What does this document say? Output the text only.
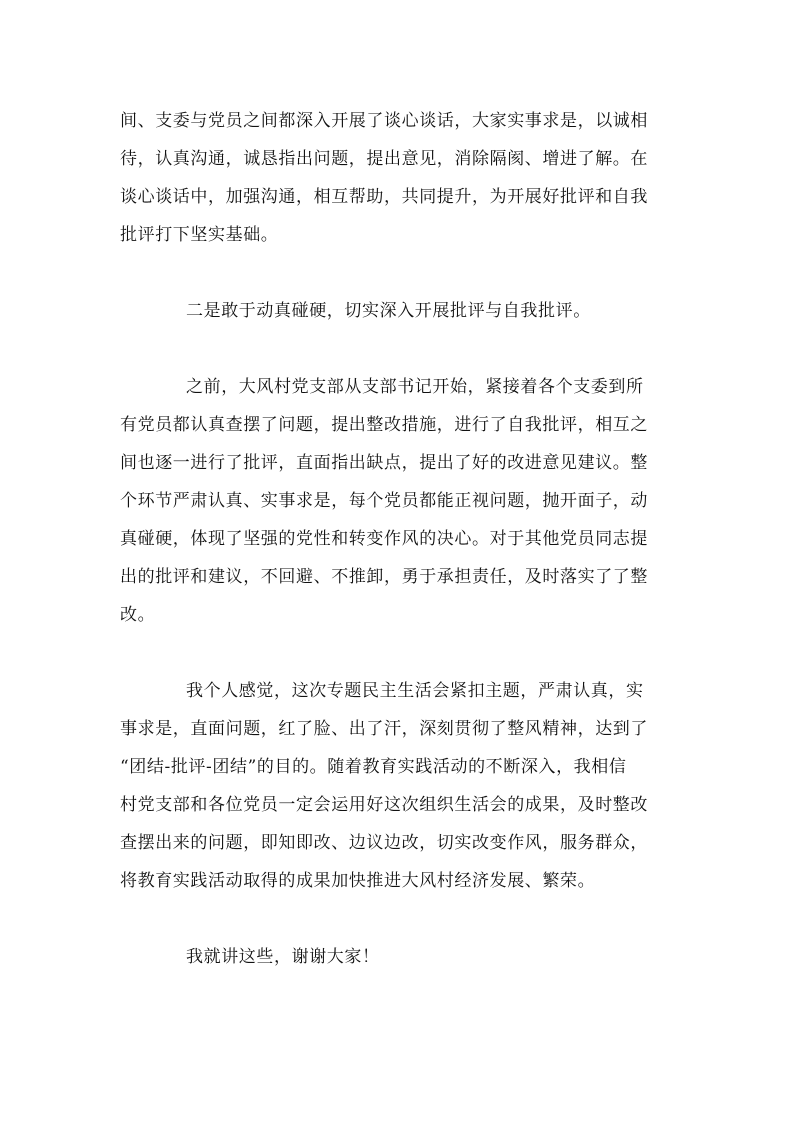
间、支委与党员之间都深入开展了谈心谈话，大家实事求是，以诚相
待，认真沟通，诚恳指出问题，提出意见，消除隔阂、增进了解。在
谈心谈话中，加强沟通，相互帮助，共同提升，为开展好批评和自我
批评打下坚实基础。
二是敢于动真碰硬，切实深入开展批评与自我批评。
之前，大风村党支部从支部书记开始，紧接着各个支委到所
有党员都认真查摆了问题，提出整改措施，进行了自我批评，相互之
间也逐一进行了批评，直面指出缺点，提出了好的改进意见建议。整
个环节严肃认真、实事求是，每个党员都能正视问题，抛开面子，动
真碰硬，体现了坚强的党性和转变作风的决心。对于其他党员同志提
出的批评和建议，不回避、不推卸，勇于承担责任，及时落实了了整
改。
我个人感觉，这次专题民主生活会紧扣主题，严肃认真，实
事求是，直面问题，红了脸、出了汗，深刻贯彻了整风精神，达到了
“团结-批评-团结”的目的。随着教育实践活动的不断深入，我相信
村党支部和各位党员一定会运用好这次组织生活会的成果，及时整改
查摆出来的问题，即知即改、边议边改，切实改变作风，服务群众，
将教育实践活动取得的成果加快推进大风村经济发展、繁荣。
我就讲这些，谢谢大家！
